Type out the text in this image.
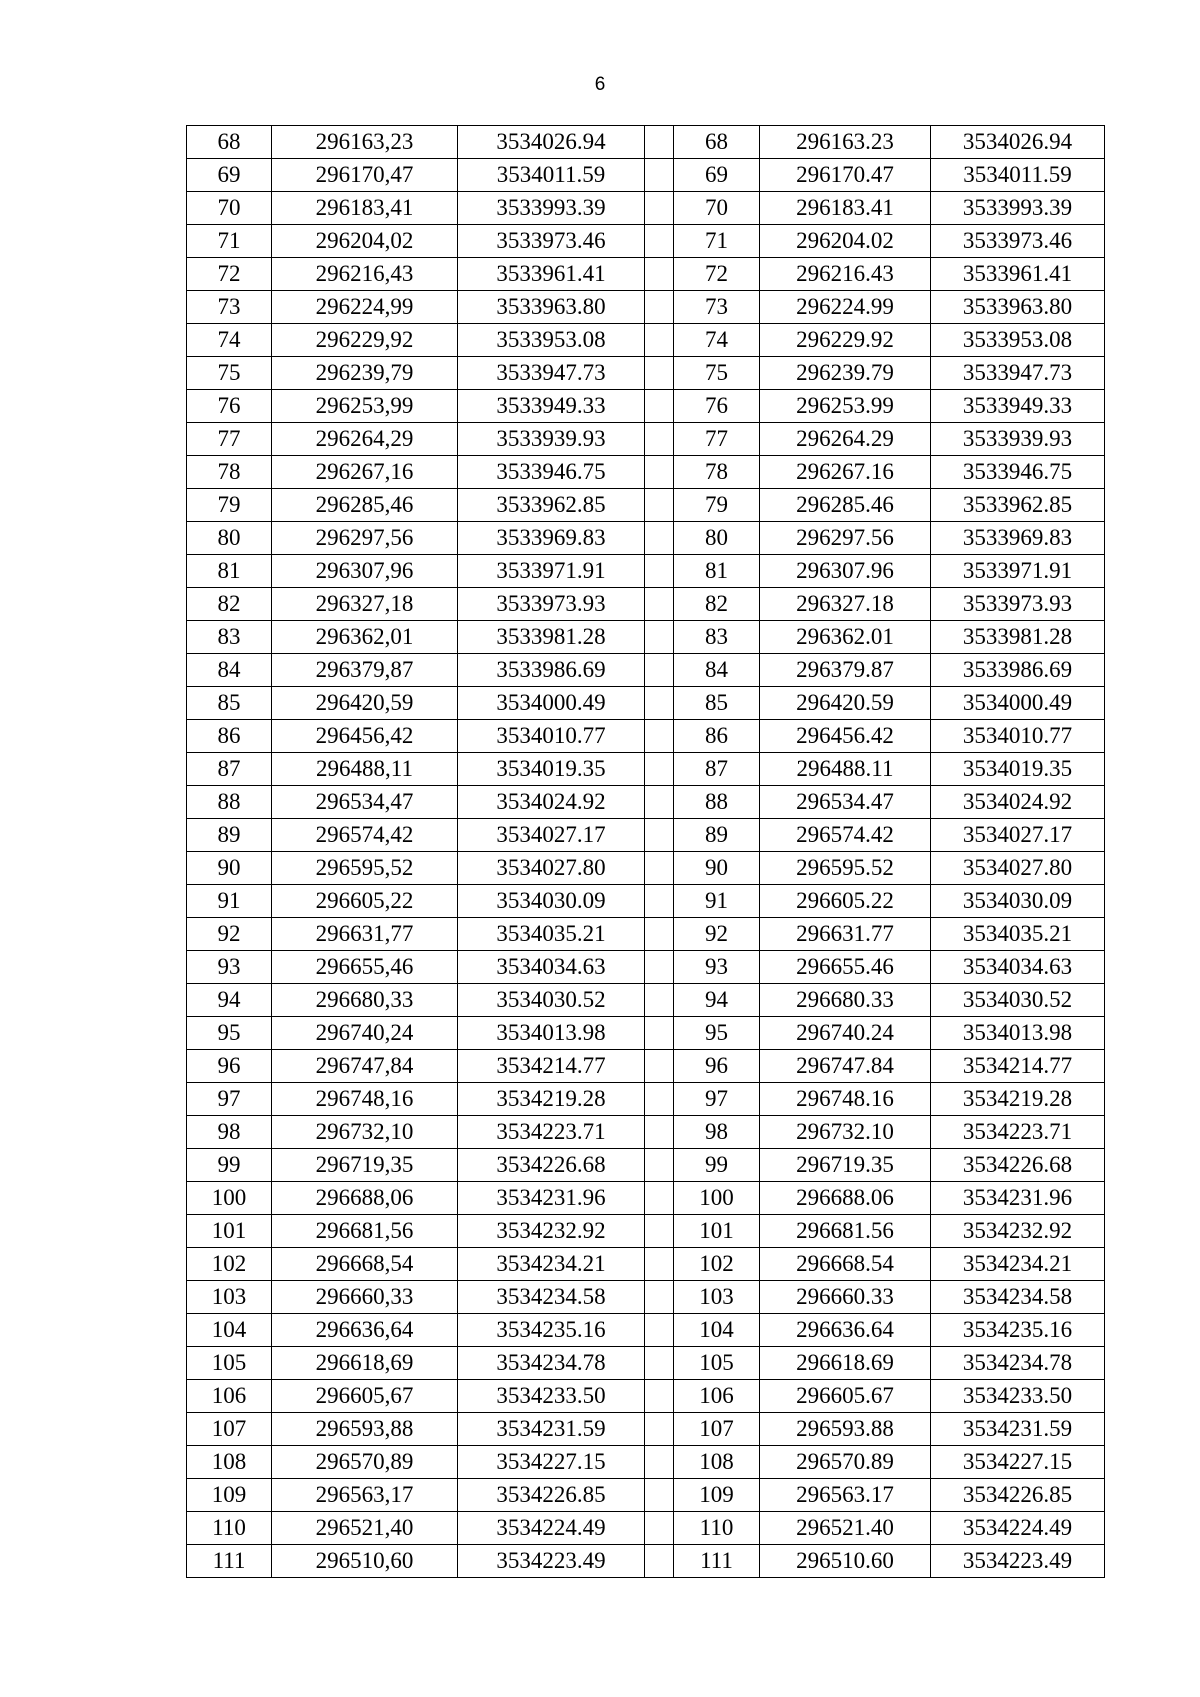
6
68	296163,23	3534026.94		68	296163.23	3534026.94
69	296170,47	3534011.59		69	296170.47	3534011.59
70	296183,41	3533993.39		70	296183.41	3533993.39
71	296204,02	3533973.46		71	296204.02	3533973.46
72	296216,43	3533961.41		72	296216.43	3533961.41
73	296224,99	3533963.80		73	296224.99	3533963.80
74	296229,92	3533953.08		74	296229.92	3533953.08
75	296239,79	3533947.73		75	296239.79	3533947.73
76	296253,99	3533949.33		76	296253.99	3533949.33
77	296264,29	3533939.93		77	296264.29	3533939.93
78	296267,16	3533946.75		78	296267.16	3533946.75
79	296285,46	3533962.85		79	296285.46	3533962.85
80	296297,56	3533969.83		80	296297.56	3533969.83
81	296307,96	3533971.91		81	296307.96	3533971.91
82	296327,18	3533973.93		82	296327.18	3533973.93
83	296362,01	3533981.28		83	296362.01	3533981.28
84	296379,87	3533986.69		84	296379.87	3533986.69
85	296420,59	3534000.49		85	296420.59	3534000.49
86	296456,42	3534010.77		86	296456.42	3534010.77
87	296488,11	3534019.35		87	296488.11	3534019.35
88	296534,47	3534024.92		88	296534.47	3534024.92
89	296574,42	3534027.17		89	296574.42	3534027.17
90	296595,52	3534027.80		90	296595.52	3534027.80
91	296605,22	3534030.09		91	296605.22	3534030.09
92	296631,77	3534035.21		92	296631.77	3534035.21
93	296655,46	3534034.63		93	296655.46	3534034.63
94	296680,33	3534030.52		94	296680.33	3534030.52
95	296740,24	3534013.98		95	296740.24	3534013.98
96	296747,84	3534214.77		96	296747.84	3534214.77
97	296748,16	3534219.28		97	296748.16	3534219.28
98	296732,10	3534223.71		98	296732.10	3534223.71
99	296719,35	3534226.68		99	296719.35	3534226.68
100	296688,06	3534231.96		100	296688.06	3534231.96
101	296681,56	3534232.92		101	296681.56	3534232.92
102	296668,54	3534234.21		102	296668.54	3534234.21
103	296660,33	3534234.58		103	296660.33	3534234.58
104	296636,64	3534235.16		104	296636.64	3534235.16
105	296618,69	3534234.78		105	296618.69	3534234.78
106	296605,67	3534233.50		106	296605.67	3534233.50
107	296593,88	3534231.59		107	296593.88	3534231.59
108	296570,89	3534227.15		108	296570.89	3534227.15
109	296563,17	3534226.85		109	296563.17	3534226.85
110	296521,40	3534224.49		110	296521.40	3534224.49
111	296510,60	3534223.49		111	296510.60	3534223.49
